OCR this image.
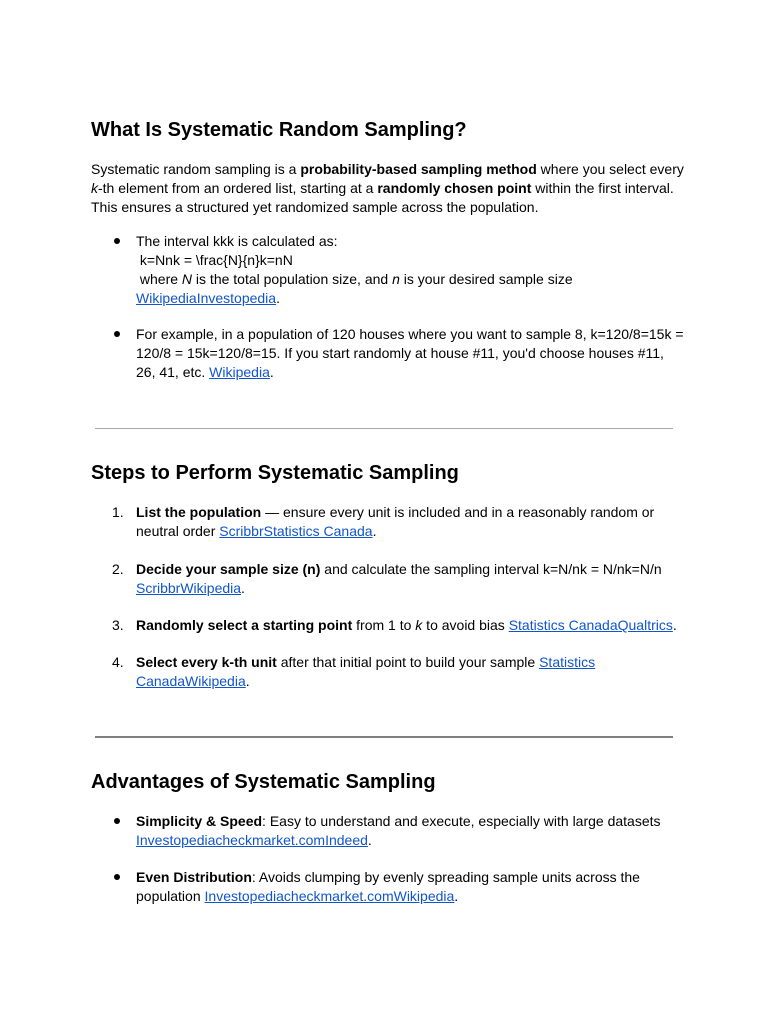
What Is Systematic Random Sampling?
Systematic random sampling is a probability-based sampling method where you select every
k-th element from an ordered list, starting at a randomly chosen point within the first interval.
This ensures a structured yet randomized sample across the population.
The interval kkk is calculated as:
k=Nnk = \frac{N}{n}k=nN
where N is the total population size, and n is your desired sample size
WikipediaInvestopedia.
For example, in a population of 120 houses where you want to sample 8, k=120/8=15k =
120/8 = 15k=120/8=15. If you start randomly at house #11, you'd choose houses #11,
26, 41, etc. Wikipedia.
Steps to Perform Systematic Sampling
1. List the population — ensure every unit is included and in a reasonably random or
neutral order ScribbrStatistics Canada.
2. Decide your sample size (n) and calculate the sampling interval k=N/nk = N/nk=N/n
ScribbrWikipedia.
3. Randomly select a starting point from 1 to k to avoid bias Statistics CanadaQualtrics.
4. Select every k-th unit after that initial point to build your sample Statistics
CanadaWikipedia.
Advantages of Systematic Sampling
Simplicity & Speed: Easy to understand and execute, especially with large datasets
Investopediacheckmarket.comIndeed.
Even Distribution: Avoids clumping by evenly spreading sample units across the
population Investopediacheckmarket.comWikipedia.
